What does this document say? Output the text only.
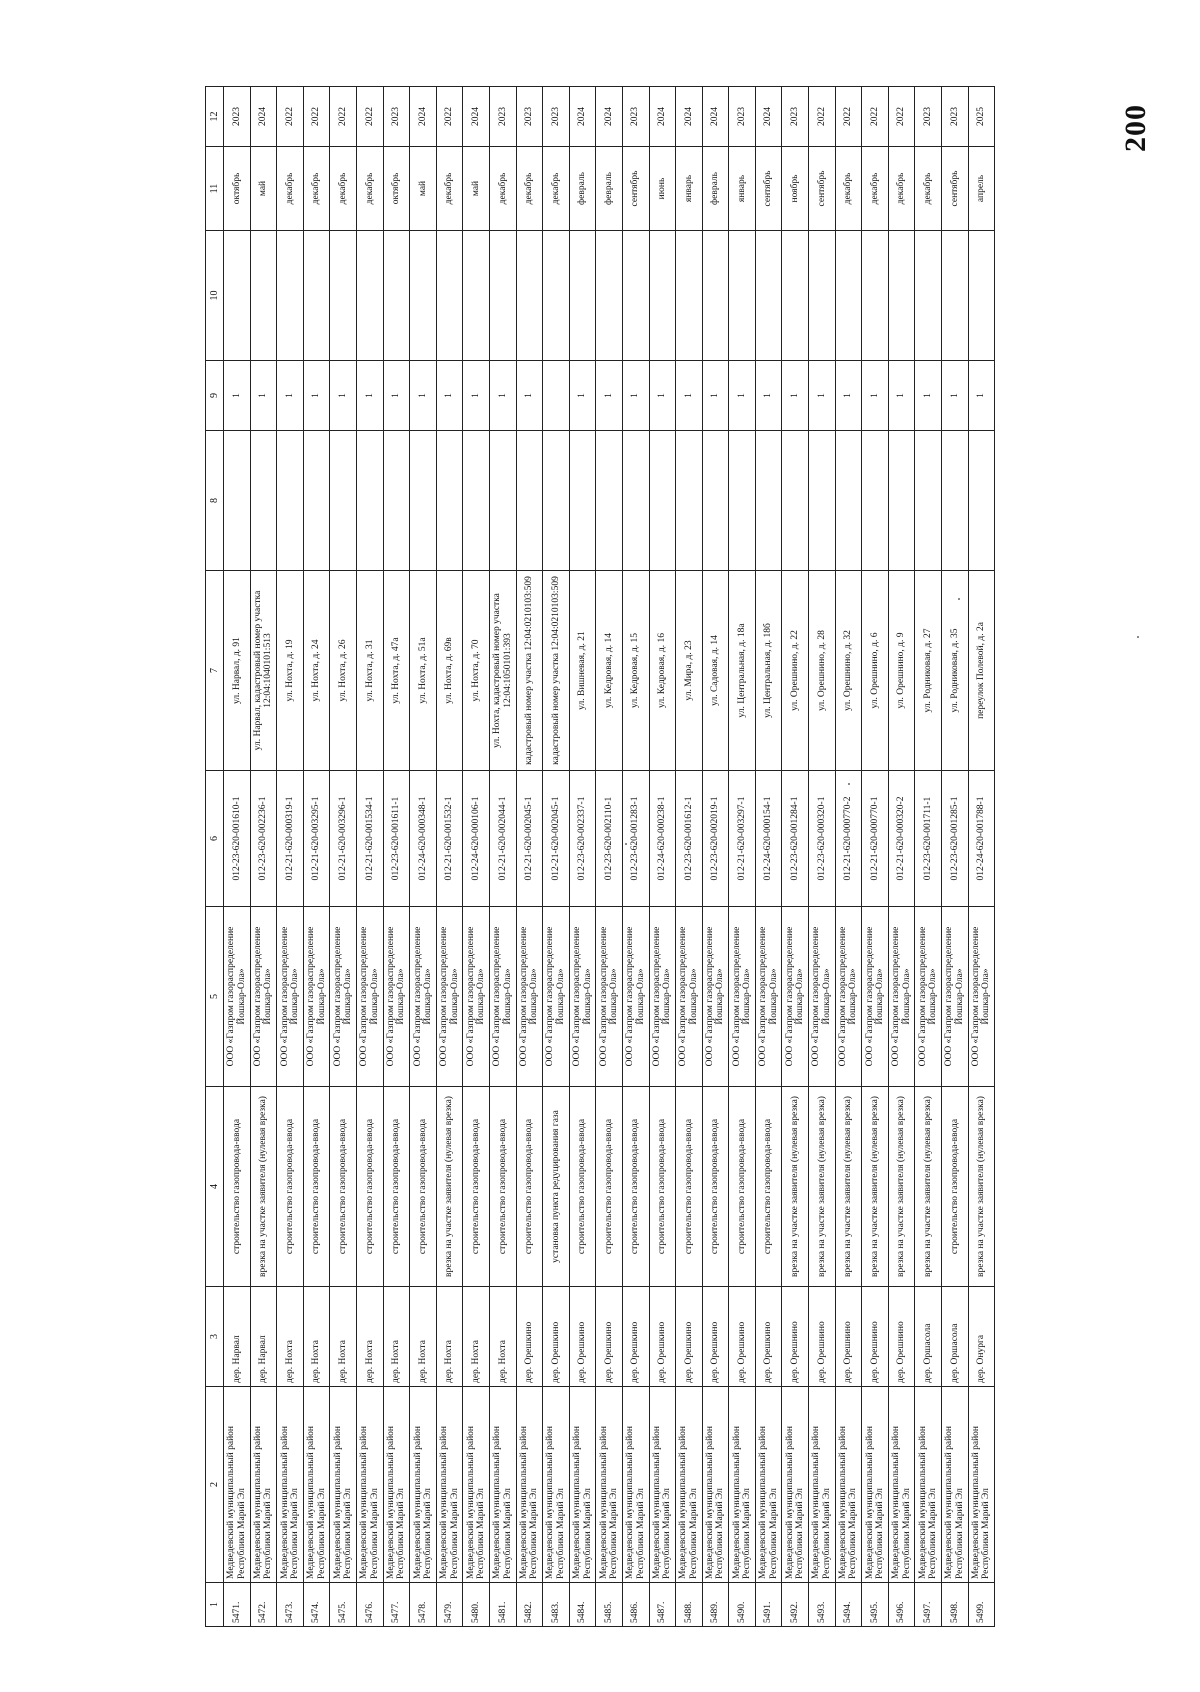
200
1	2	3	4	5	6	7	8	9	10	11	12
5471.	Медведевский муниципальный район Республики Марий Эл	дер. Нарвал	строительство газопровода-ввода	ООО «Газпром газораспределение Йошкар-Ола»	012-23-620-001610-1	ул. Нарвал, д. 91		1		октябрь	2023
5472.	Медведевский муниципальный район Республики Марий Эл	дер. Нарвал	врезка на участке заявителя (нулевая врезка)	ООО «Газпром газораспределение Йошкар-Ола»	012-23-620-002236-1	ул. Нарвал, кадастровый номер участка 12:04:1040101:513		1		май	2024
5473.	Медведевский муниципальный район Республики Марий Эл	дер. Нохта	строительство газопровода-ввода	ООО «Газпром газораспределение Йошкар-Ола»	012-21-620-000319-1	ул. Нохта, д. 19		1		декабрь	2022
5474.	Медведевский муниципальный район Республики Марий Эл	дер. Нохта	строительство газопровода-ввода	ООО «Газпром газораспределение Йошкар-Ола»	012-21-620-003295-1	ул. Нохта, д. 24		1		декабрь	2022
5475.	Медведевский муниципальный район Республики Марий Эл	дер. Нохта	строительство газопровода-ввода	ООО «Газпром газораспределение Йошкар-Ола»	012-21-620-003296-1	ул. Нохта, д. 26		1		декабрь	2022
5476.	Медведевский муниципальный район Республики Марий Эл	дер. Нохта	строительство газопровода-ввода	ООО «Газпром газораспределение Йошкар-Ола»	012-21-620-001534-1	ул. Нохта, д. 31		1		декабрь	2022
5477.	Медведевский муниципальный район Республики Марий Эл	дер. Нохта	строительство газопровода-ввода	ООО «Газпром газораспределение Йошкар-Ола»	012-23-620-001611-1	ул. Нохта, д. 47а		1		октябрь	2023
5478.	Медведевский муниципальный район Республики Марий Эл	дер. Нохта	строительство газопровода-ввода	ООО «Газпром газораспределение Йошкар-Ола»	012-24-620-000348-1	ул. Нохта, д. 51а		1		май	2024
5479.	Медведевский муниципальный район Республики Марий Эл	дер. Нохта	врезка на участке заявителя (нулевая врезка)	ООО «Газпром газораспределение Йошкар-Ола»	012-21-620-001532-1	ул. Нохта, д. 69в		1		декабрь	2022
5480.	Медведевский муниципальный район Республики Марий Эл	дер. Нохта	строительство газопровода-ввода	ООО «Газпром газораспределение Йошкар-Ола»	012-24-620-000106-1	ул. Нохта, д. 70		1		май	2024
5481.	Медведевский муниципальный район Республики Марий Эл	дер. Нохта	строительство газопровода-ввода	ООО «Газпром газораспределение Йошкар-Ола»	012-21-620-002044-1	ул. Нохта, кадастровый номер участка 12:04:1050101:393		1		декабрь	2023
5482.	Медведевский муниципальный район Республики Марий Эл	дер. Орешкино	строительство газопровода-ввода	ООО «Газпром газораспределение Йошкар-Ола»	012-21-620-002045-1	кадастровый номер участка 12:04:0210103:509		1		декабрь	2023
5483.	Медведевский муниципальный район Республики Марий Эл	дер. Орешкино	установка пункта редуцирования газа	ООО «Газпром газораспределение Йошкар-Ола»	012-21-620-002045-1	кадастровый номер участка 12:04:0210103:509				декабрь	2023
5484.	Медведевский муниципальный район Республики Марий Эл	дер. Орешкино	строительство газопровода-ввода	ООО «Газпром газораспределение Йошкар-Ола»	012-23-620-002337-1	ул. Вишневая, д. 21		1		февраль	2024
5485.	Медведевский муниципальный район Республики Марий Эл	дер. Орешкино	строительство газопровода-ввода	ООО «Газпром газораспределение Йошкар-Ола»	012-23-620-002110-1	ул. Кедровая, д. 14		1		февраль	2024
5486.	Медведевский муниципальный район Республики Марий Эл	дер. Орешкино	строительство газопровода-ввода	ООО «Газпром газораспределение Йошкар-Ола»	012-23-620-001283-1	ул. Кедровая, д. 15		1		сентябрь	2023
5487.	Медведевский муниципальный район Республики Марий Эл	дер. Орешкино	строительство газопровода-ввода	ООО «Газпром газораспределение Йошкар-Ола»	012-24-620-000238-1	ул. Кедровая, д. 16		1		июнь	2024
5488.	Медведевский муниципальный район Республики Марий Эл	дер. Орешкино	строительство газопровода-ввода	ООО «Газпром газораспределение Йошкар-Ола»	012-23-620-001612-1	ул. Мира, д. 23		1		январь	2024
5489.	Медведевский муниципальный район Республики Марий Эл	дер. Орешкино	строительство газопровода-ввода	ООО «Газпром газораспределение Йошкар-Ола»	012-23-620-002019-1	ул. Садовая, д. 14		1		февраль	2024
5490.	Медведевский муниципальный район Республики Марий Эл	дер. Орешкино	строительство газопровода-ввода	ООО «Газпром газораспределение Йошкар-Ола»	012-21-620-003297-1	ул. Центральная, д. 18а		1		январь	2023
5491.	Медведевский муниципальный район Республики Марий Эл	дер. Орешкино	строительство газопровода-ввода	ООО «Газпром газораспределение Йошкар-Ола»	012-24-620-000154-1	ул. Центральная, д. 18б		1		сентябрь	2024
5492.	Медведевский муниципальный район Республики Марий Эл	дер. Орешнино	врезка на участке заявителя (нулевая врезка)	ООО «Газпром газораспределение Йошкар-Ола»	012-23-620-001284-1	ул. Орешнино, д. 22		1		ноябрь	2023
5493.	Медведевский муниципальный район Республики Марий Эл	дер. Орешнино	врезка на участке заявителя (нулевая врезка)	ООО «Газпром газораспределение Йошкар-Ола»	012-23-620-000320-1	ул. Орешнино, д. 28		1		сентябрь	2022
5494.	Медведевский муниципальный район Республики Марий Эл	дер. Орешнино	врезка на участке заявителя (нулевая врезка)	ООО «Газпром газораспределение Йошкар-Ола»	012-21-620-000770-2	ул. Орешнино, д. 32		1		декабрь	2022
5495.	Медведевский муниципальный район Республики Марий Эл	дер. Орешнино	врезка на участке заявителя (нулевая врезка)	ООО «Газпром газораспределение Йошкар-Ола»	012-21-620-000770-1	ул. Орешнино, д. 6		1		декабрь	2022
5496.	Медведевский муниципальный район Республики Марий Эл	дер. Орешнино	врезка на участке заявителя (нулевая врезка)	ООО «Газпром газораспределение Йошкар-Ола»	012-21-620-000320-2	ул. Орешнино, д. 9		1		декабрь	2022
5497.	Медведевский муниципальный район Республики Марий Эл	дер. Оршасола	врезка на участке заявителя (нулевая врезка)	ООО «Газпром газораспределение Йошкар-Ола»	012-23-620-001711-1	ул. Родниковая, д. 27		1		декабрь	2023
5498.	Медведевский муниципальный район Республики Марий Эл	дер. Оршасола	строительство газопровода-ввода	ООО «Газпром газораспределение Йошкар-Ола»	012-23-620-001285-1	ул. Родниковая, д. 35		1		сентябрь	2023
5499.	Медведевский муниципальный район Республики Марий Эл	дер. Онурга	врезка на участке заявителя (нулевая врезка)	ООО «Газпром газораспределение Йошкар-Ола»	012-24-620-001788-1	переулок Полевой, д. 2а		1		апрель	2025
